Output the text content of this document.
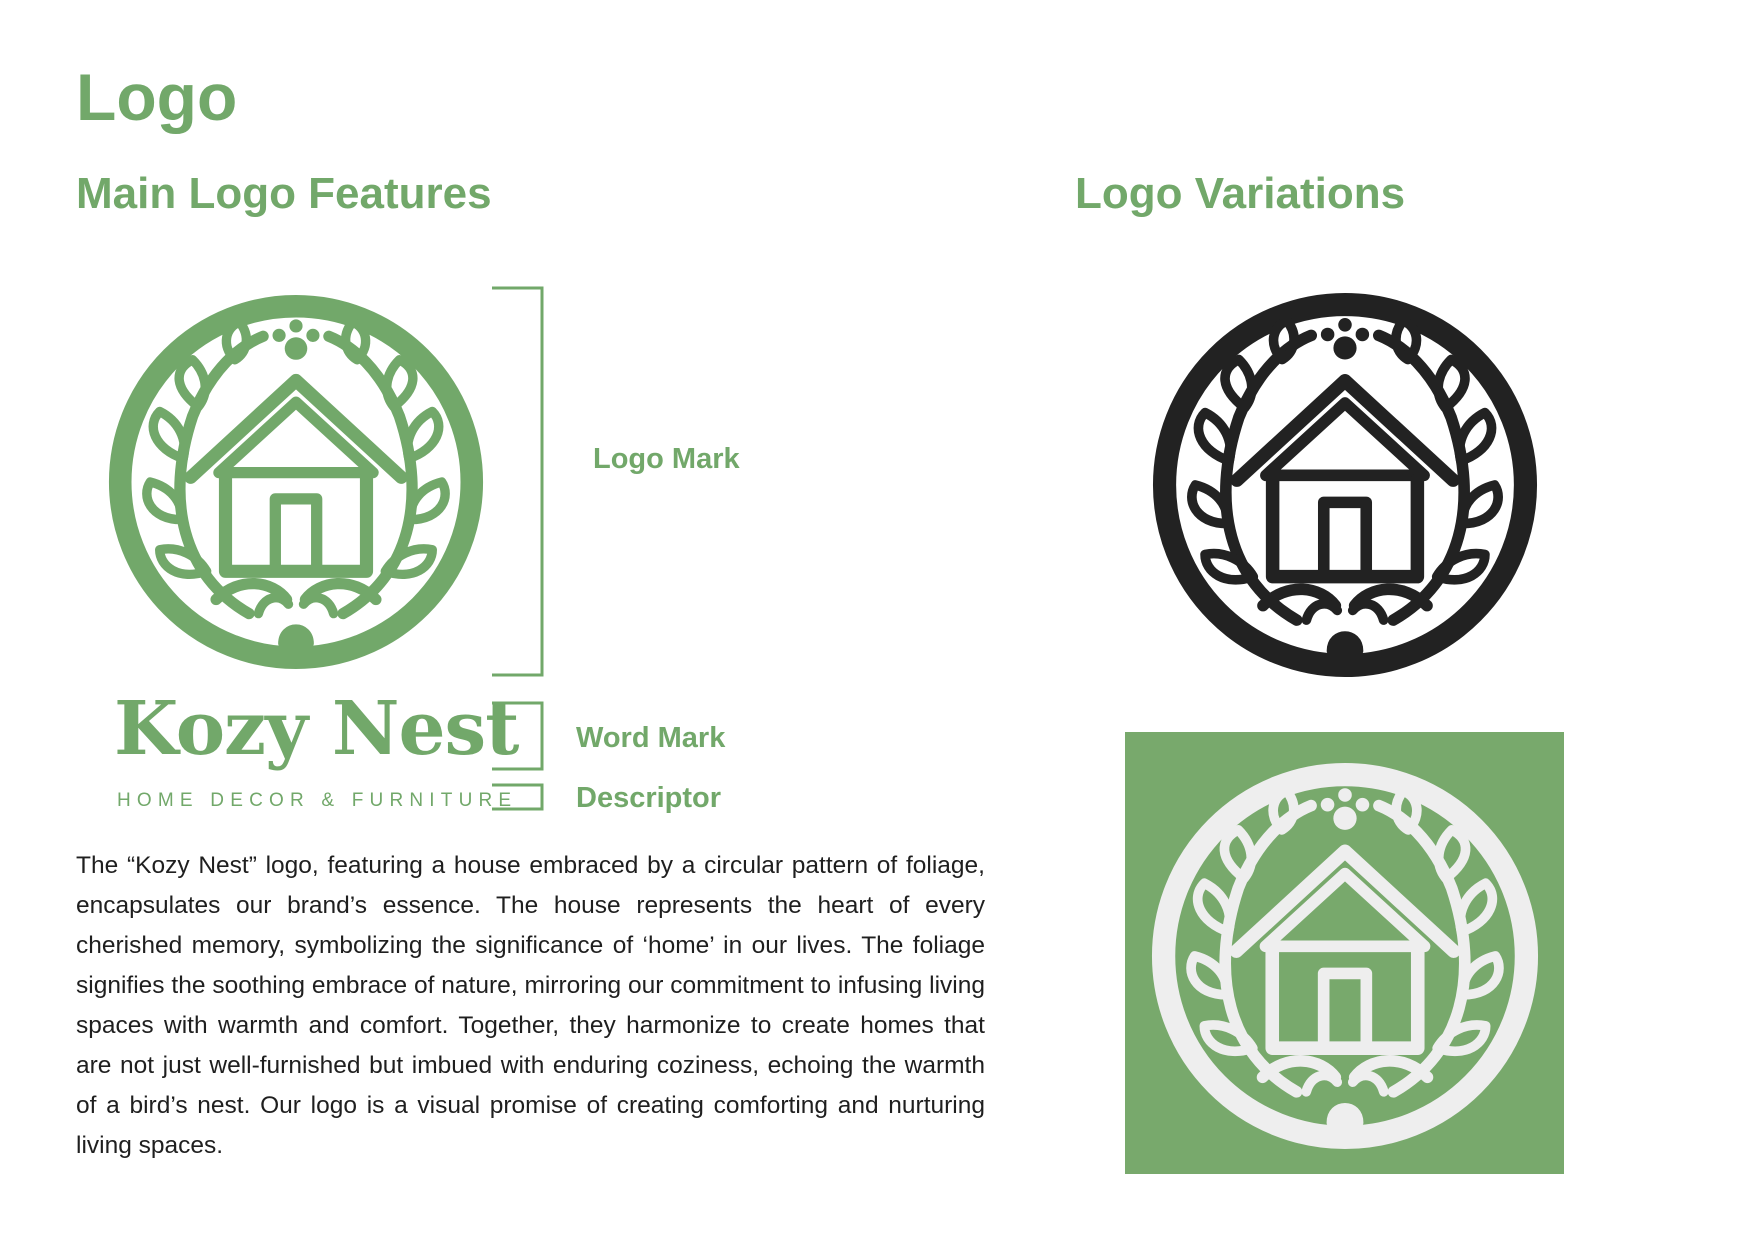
Logo
Main Logo Features	Logo Variations
Kozy Nest

HOME DECOR & FURNITURE

Logo Mark

Word Mark

Descriptor

The “Kozy Nest” logo, featuring a house embraced by a circular pattern of foliage, encapsulates our brand’s essence. The house represents the heart of every cherished memory, symbolizing the significance of ‘home’ in our lives. The foliage signifies the soothing embrace of nature, mirroring our commitment to infusing living spaces with warmth and comfort. Together, they harmonize to create homes that are not just well-furnished but imbued with enduring coziness, echoing the warmth of a bird’s nest. Our logo is a visual promise of creating comforting and nurturing living spaces.
